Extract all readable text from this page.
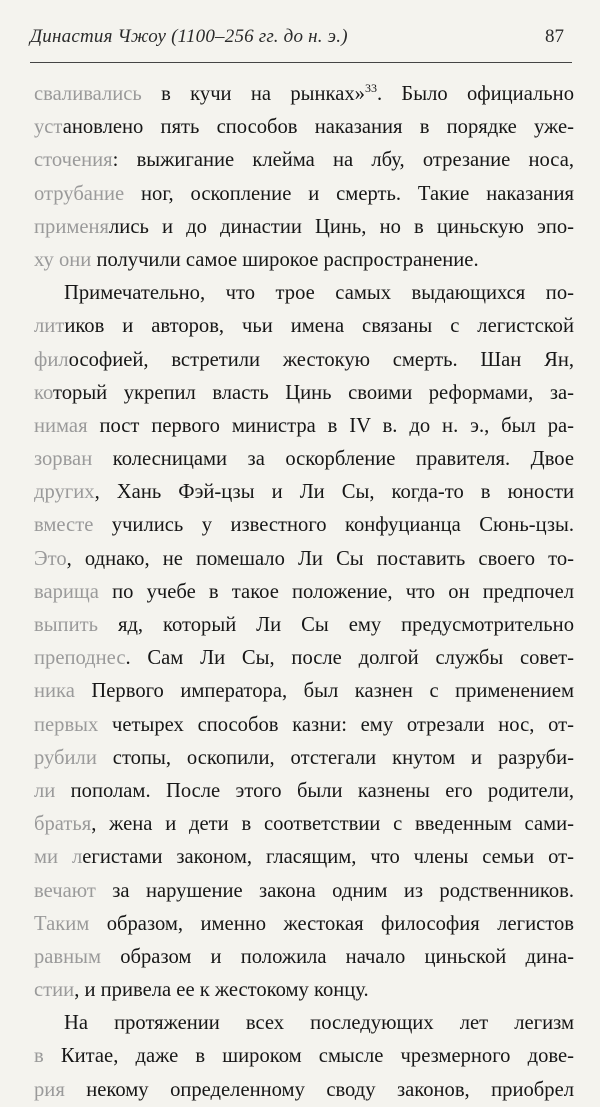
Династия Чжоу (1100–256 гг. до н. э.)	87
сваливались в кучи на рынках»$^{33}$. Было официально
установлено пять способов наказания в порядке уже-
сточения: выжигание клейма на лбу, отрезание носа,
отрубание ног, оскопление и смерть. Такие наказания
применялись и до династии Цинь, но в циньскую эпо-
ху они получили самое широкое распространение.
Примечательно, что трое самых выдающихся по-
литиков и авторов, чьи имена связаны с легистской
философией, встретили жестокую смерть. Шан Ян,
который укрепил власть Цинь своими реформами, за-
нимая пост первого министра в IV в. до н. э., был ра-
зорван колесницами за оскорбление правителя. Двое
других, Хань Фэй-цзы и Ли Сы, когда-то в юности
вместе учились у известного конфуцианца Сюнь-цзы.
Это, однако, не помешало Ли Сы поставить своего то-
варища по учебе в такое положение, что он предпочел
выпить яд, который Ли Сы ему предусмотрительно
преподнес. Сам Ли Сы, после долгой службы совет-
ника Первого императора, был казнен с применением
первых четырех способов казни: ему отрезали нос, от-
рубили стопы, оскопили, отстегали кнутом и разруби-
ли пополам. После этого были казнены его родители,
братья, жена и дети в соответствии с введенным сами-
ми легистами законом, гласящим, что члены семьи от-
вечают за нарушение закона одним из родственников.
Таким образом, именно жестокая философия легистов
равным образом и положила начало циньской дина-
стии, и привела ее к жестокому концу.
На протяжении всех последующих лет легизм
в Китае, даже в широком смысле чрезмерного дове-
рия некому определенному своду законов, приобрел
